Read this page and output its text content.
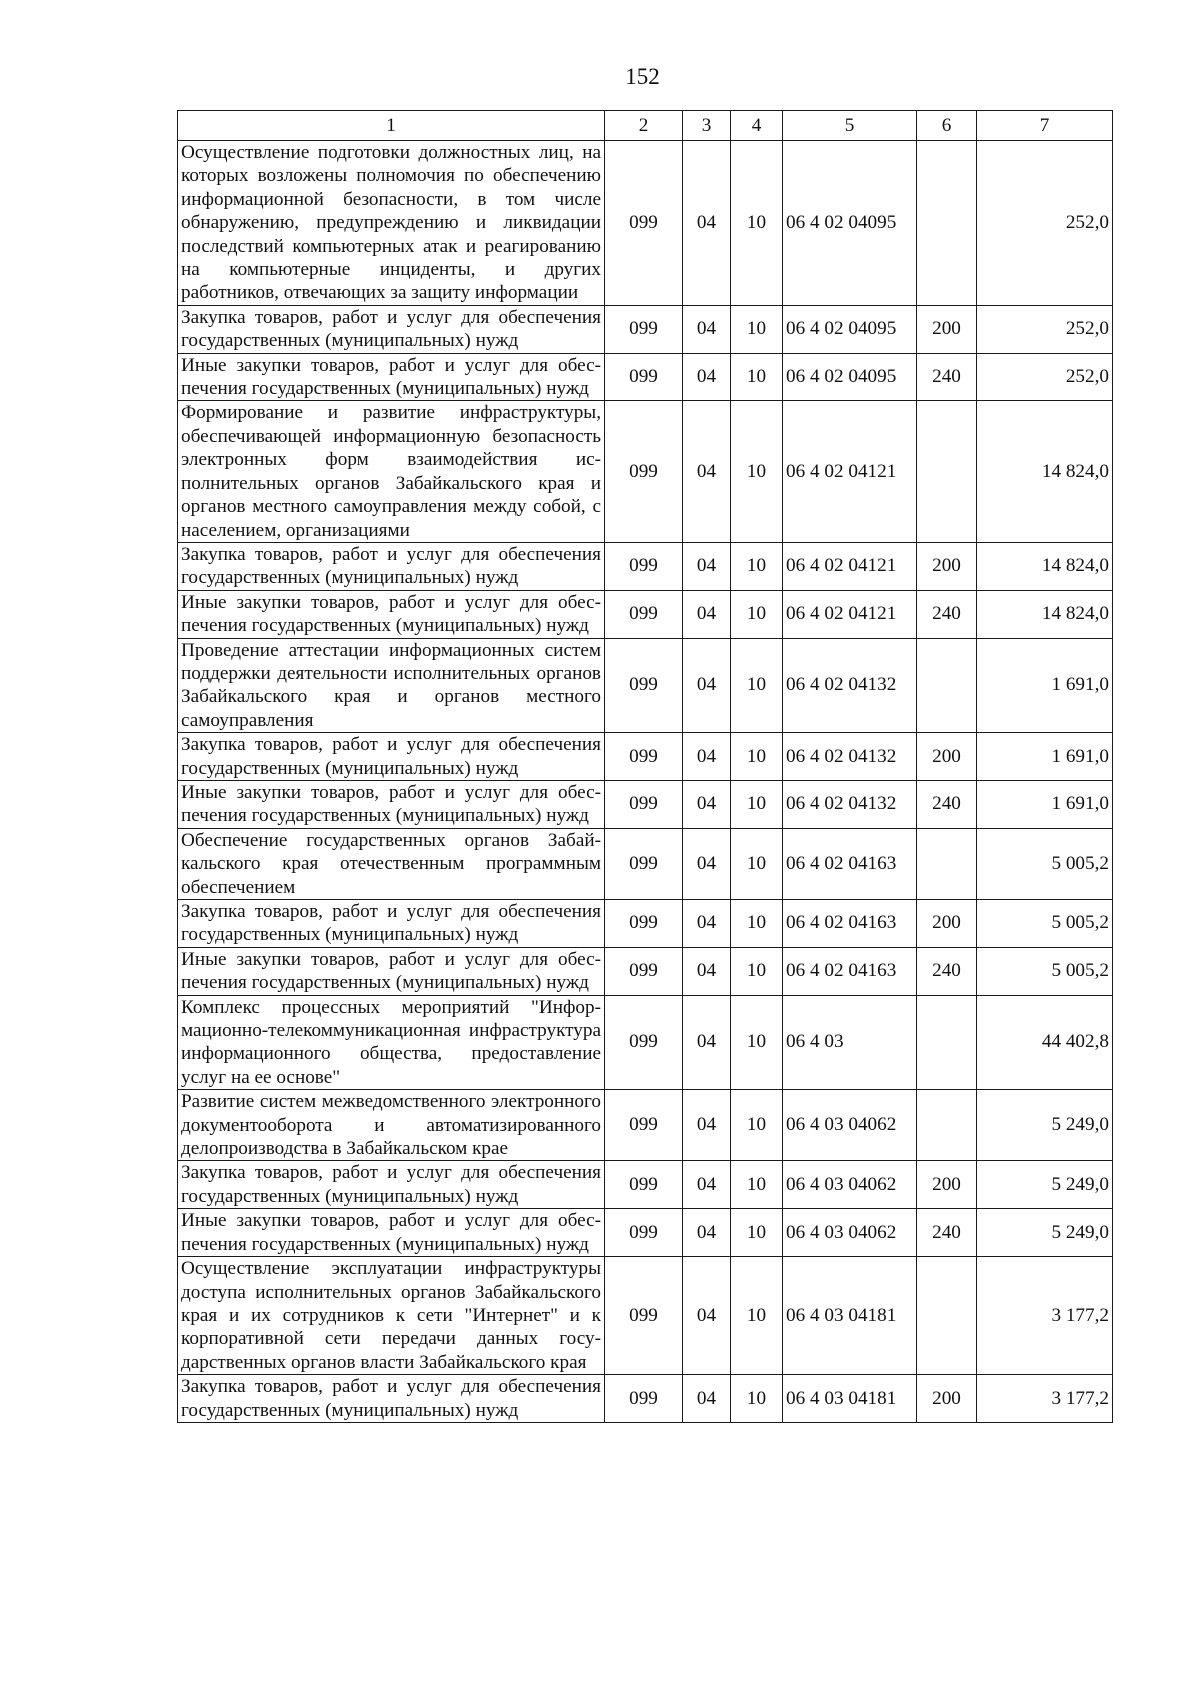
152
1	2	3	4	5	6	7
Осуществление подготовки должностных лиц, на которых возложены полномочия по обеспечению информационной безопасности, в том числе обнаружению, предупреждению и ликвидации последствий компьютерных атак и реагированию на компьютерные инциденты, и других работников, отвечающих за защиту информации	099	04	10	06 4 02 04095		252,0
Закупка товаров, работ и услуг для обеспечения государственных (муниципальных) нужд	099	04	10	06 4 02 04095	200	252,0
Иные закупки товаров, работ и услуг для обеспечения государственных (муниципальных) нужд	099	04	10	06 4 02 04095	240	252,0
Формирование и развитие инфраструктуры, обеспечивающей информационную безопасность электронных форм взаимодействия исполнительных органов Забайкальского края и органов местного самоуправления между собой, с населением, организациями	099	04	10	06 4 02 04121		14 824,0
Закупка товаров, работ и услуг для обеспечения государственных (муниципальных) нужд	099	04	10	06 4 02 04121	200	14 824,0
Иные закупки товаров, работ и услуг для обеспечения государственных (муниципальных) нужд	099	04	10	06 4 02 04121	240	14 824,0
Проведение аттестации информационных систем поддержки деятельности исполнительных органов Забайкальского края и органов местного самоуправления	099	04	10	06 4 02 04132		1 691,0
Закупка товаров, работ и услуг для обеспечения государственных (муниципальных) нужд	099	04	10	06 4 02 04132	200	1 691,0
Иные закупки товаров, работ и услуг для обеспечения государственных (муниципальных) нужд	099	04	10	06 4 02 04132	240	1 691,0
Обеспечение государственных органов Забайкальского края отечественным программным обеспечением	099	04	10	06 4 02 04163		5 005,2
Закупка товаров, работ и услуг для обеспечения государственных (муниципальных) нужд	099	04	10	06 4 02 04163	200	5 005,2
Иные закупки товаров, работ и услуг для обеспечения государственных (муниципальных) нужд	099	04	10	06 4 02 04163	240	5 005,2
Комплекс процессных мероприятий "Информационно-телекоммуникационная инфраструктура информационного общества, предоставление услуг на ее основе"	099	04	10	06 4 03		44 402,8
Развитие систем межведомственного электронного документооборота и автоматизированного делопроизводства в Забайкальском крае	099	04	10	06 4 03 04062		5 249,0
Закупка товаров, работ и услуг для обеспечения государственных (муниципальных) нужд	099	04	10	06 4 03 04062	200	5 249,0
Иные закупки товаров, работ и услуг для обеспечения государственных (муниципальных) нужд	099	04	10	06 4 03 04062	240	5 249,0
Осуществление эксплуатации инфраструктуры доступа исполнительных органов Забайкальского края и их сотрудников к сети "Интернет" и к корпоративной сети передачи данных государственных органов власти Забайкальского края	099	04	10	06 4 03 04181		3 177,2
Закупка товаров, работ и услуг для обеспечения государственных (муниципальных) нужд	099	04	10	06 4 03 04181	200	3 177,2
